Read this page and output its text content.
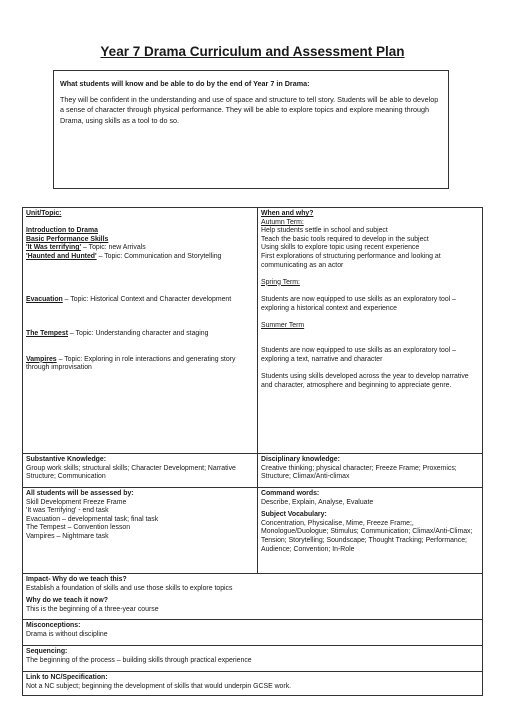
Year 7 Drama Curriculum and Assessment Plan
What students will know and be able to do by the end of Year 7 in Drama:
They will be confident in the understanding and use of space and structure to tell story. Students will be able to develop a sense of character through physical performance. They will be able to explore topics and explore meaning through Drama, using skills as a tool to do so.
Unit/Topic:
Introduction to Drama
Basic Performance Skills
'It Was terrifying' – Topic: new Arrivals
'Haunted and Hunted' – Topic: Communication and Storytelling
Evacuation – Topic: Historical Context and Character development
The Tempest – Topic: Understanding character and staging
Vampires – Topic: Exploring in role interactions and generating story through improvisation
When and why?
Autumn Term:
Help students settle in school and subject
Teach the basic tools required to develop in the subject
Using skills to explore topic using recent experience
First explorations of structuring performance and looking at communicating as an actor
Spring Term:
Students are now equipped to use skills as an exploratory tool – exploring a historical context and experience
Summer Term
Students are now equipped to use skills as an exploratory tool – exploring a text, narrative and character
Students using skills developed across the year to develop narrative and character, atmosphere and beginning to appreciate genre.
Substantive Knowledge:
Group work skills; structural skills; Character Development; Narrative Structure; Communication
Disciplinary knowledge:
Creative thinking; physical character; Freeze Frame; Proxemics; Structure; Climax/Anti-climax
All students will be assessed by:
Skill Development Freeze Frame
'It was Terrifying' - end task
Evacuation – developmental task; final task
The Tempest – Convention lesson
Vampires – Nightmare task
Command words:
Describe, Explain, Analyse, Evaluate
Subject Vocabulary:
Concentration, Physicalise, Mime, Freeze Frame;, Monologue/Duologue; Stimulus; Communication; Climax/Anti-Climax; Tension; Storytelling; Soundscape; Thought Tracking; Performance; Audience; Convention; In-Role
Impact- Why do we teach this?
Establish a foundation of skills and use those skills to explore topics
Why do we teach it now?
This is the beginning of a three-year course
Misconceptions:
Drama is without discipline
Sequencing:
The beginning of the process – building skills through practical experience
Link to NC/Specification:
Not a NC subject; beginning the development of skills that would underpin GCSE work.
